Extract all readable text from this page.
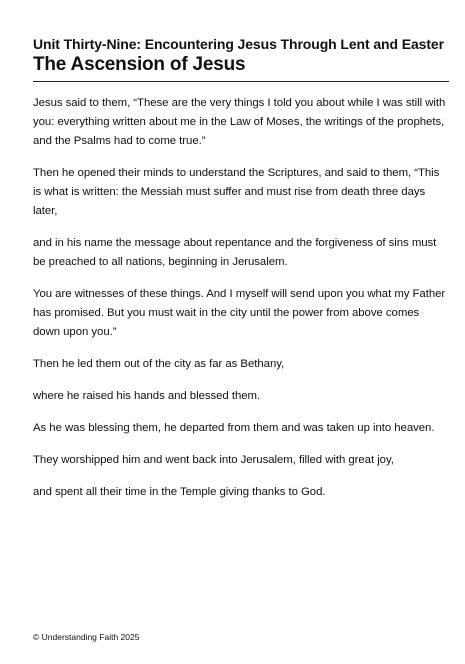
Unit Thirty-Nine: Encountering Jesus Through Lent and Easter
The Ascension of Jesus

Jesus said to them, “These are the very things I told you about while I was still with you: everything written about me in the Law of Moses, the writings of the prophets, and the Psalms had to come true.”

Then he opened their minds to understand the Scriptures, and said to them, “This is what is written: the Messiah must suffer and must rise from death three days later,

and in his name the message about repentance and the forgiveness of sins must be preached to all nations, beginning in Jerusalem.

You are witnesses of these things. And I myself will send upon you what my Father has promised. But you must wait in the city until the power from above comes down upon you.”

Then he led them out of the city as far as Bethany,

where he raised his hands and blessed them.

As he was blessing them, he departed from them and was taken up into heaven.

They worshipped him and went back into Jerusalem, filled with great joy,

and spent all their time in the Temple giving thanks to God.

© Understanding Faith 2025
